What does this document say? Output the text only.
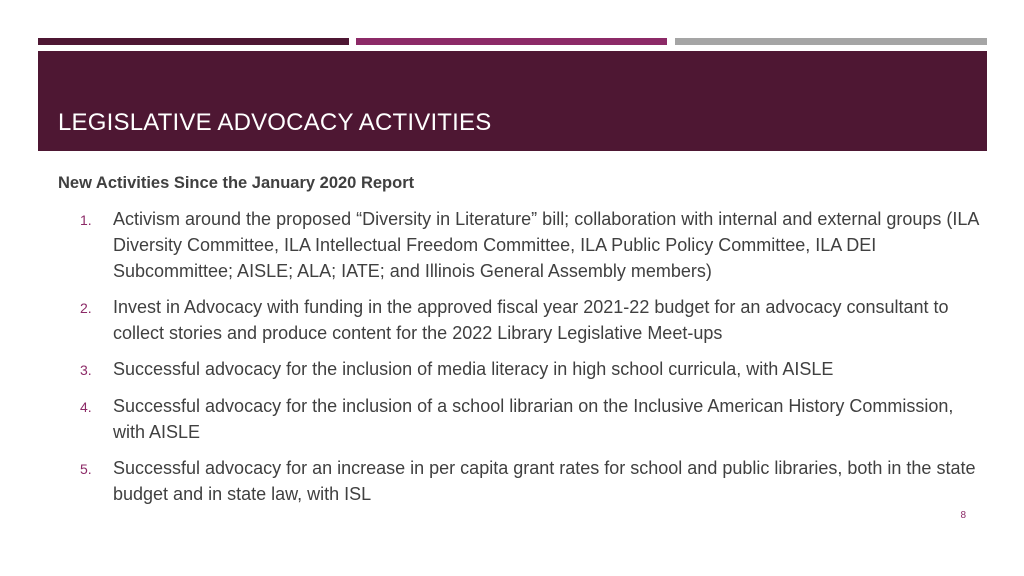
LEGISLATIVE ADVOCACY ACTIVITIES
New Activities Since the January 2020 Report
1.	Activism around the proposed “Diversity in Literature” bill; collaboration with internal and external groups (ILA Diversity Committee, ILA Intellectual Freedom Committee, ILA Public Policy Committee, ILA DEI Subcommittee; AISLE; ALA; IATE; and Illinois General Assembly members)
2.	Invest in Advocacy with funding in the approved fiscal year 2021-22 budget for an advocacy consultant to collect stories and produce content for the 2022 Library Legislative Meet-ups
3.	Successful advocacy for the inclusion of media literacy in high school curricula, with AISLE
4.	Successful advocacy for the inclusion of a school librarian on the Inclusive American History Commission, with AISLE
5.	Successful advocacy for an increase in per capita grant rates for school and public libraries, both in the state budget and in state law, with ISL
8
